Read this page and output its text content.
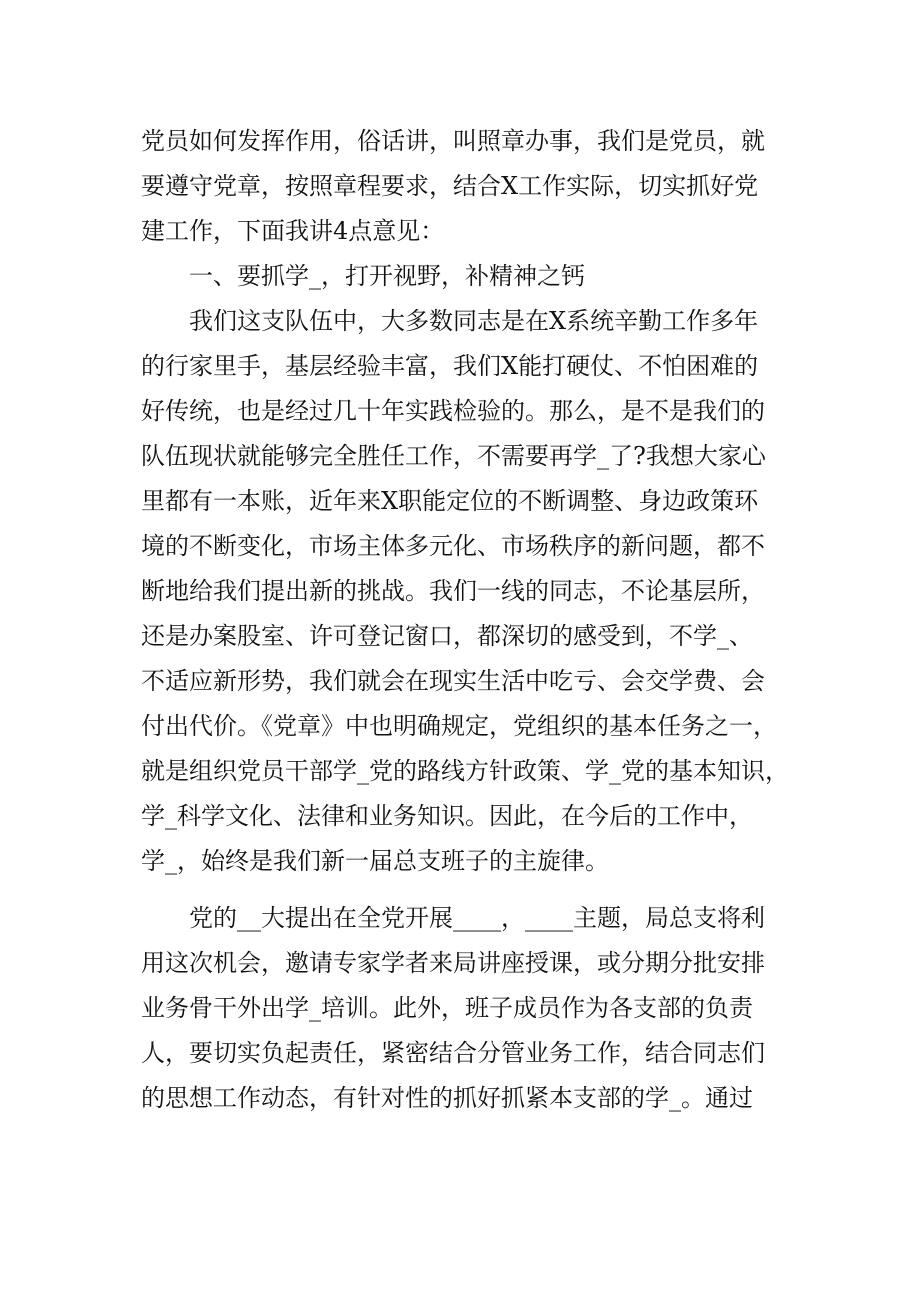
党员如何发挥作用，俗话讲，叫照章办事，我们是党员，就
要遵守党章，按照章程要求，结合X工作实际，切实抓好党
建工作，下面我讲4点意见：
一、要抓学_，打开视野，补精神之钙
我们这支队伍中，大多数同志是在X系统辛勤工作多年
的行家里手，基层经验丰富，我们X能打硬仗、不怕困难的
好传统，也是经过几十年实践检验的。那么，是不是我们的
队伍现状就能够完全胜任工作，不需要再学_了?我想大家心
里都有一本账，近年来X职能定位的不断调整、身边政策环
境的不断变化，市场主体多元化、市场秩序的新问题，都不
断地给我们提出新的挑战。我们一线的同志，不论基层所，
还是办案股室、许可登记窗口，都深切的感受到，不学_、
不适应新形势，我们就会在现实生活中吃亏、会交学费、会
付出代价。《党章》中也明确规定，党组织的基本任务之一，
就是组织党员干部学_党的路线方针政策、学_党的基本知识，
学_科学文化、法律和业务知识。因此，在今后的工作中，
学_，始终是我们新一届总支班子的主旋律。
党的__大提出在全党开展____，____主题，局总支将利
用这次机会，邀请专家学者来局讲座授课，或分期分批安排
业务骨干外出学_培训。此外，班子成员作为各支部的负责
人，要切实负起责任，紧密结合分管业务工作，结合同志们
的思想工作动态，有针对性的抓好抓紧本支部的学_。通过
